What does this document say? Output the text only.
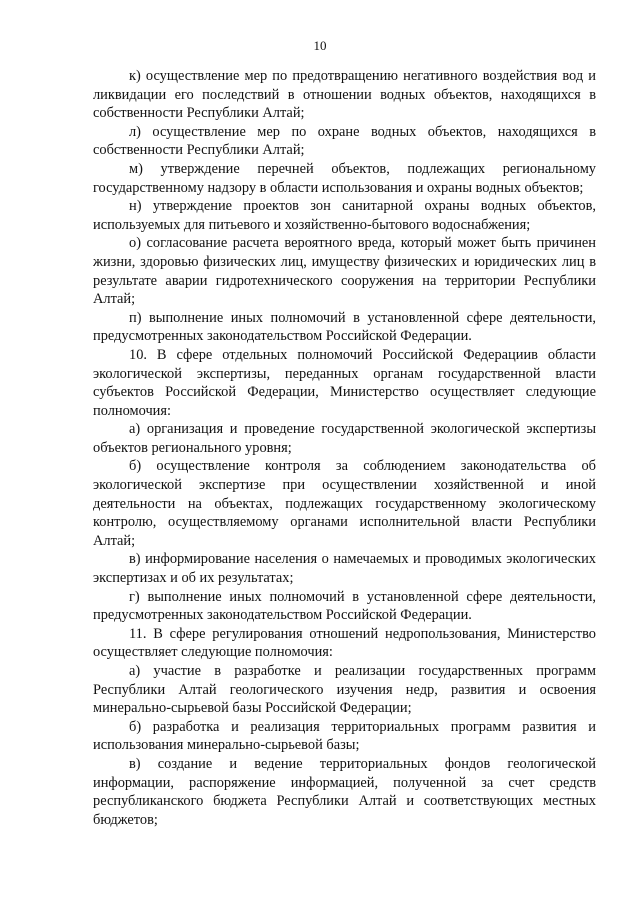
10

к) осуществление мер по предотвращению негативного воздействия вод и ликвидации его последствий в отношении водных объектов, находящихся в собственности Республики Алтай;

л) осуществление мер по охране водных объектов, находящихся в собственности Республики Алтай;

м) утверждение перечней объектов, подлежащих региональному государственному надзору в области использования и охраны водных объектов;

н) утверждение проектов зон санитарной охраны водных объектов, используемых для питьевого и хозяйственно-бытового водоснабжения;

о) согласование расчета вероятного вреда, который может быть причинен жизни, здоровью физических лиц, имуществу физических и юридических лиц в результате аварии гидротехнического сооружения на территории Республики Алтай;

п) выполнение иных полномочий в установленной сфере деятельности, предусмотренных законодательством Российской Федерации.

10. В сфере отдельных полномочий Российской Федерациив области экологической экспертизы, переданных органам государственной власти субъектов Российской Федерации, Министерство осуществляет следующие полномочия:

а) организация и проведение государственной экологической экспертизы объектов регионального уровня;

б) осуществление контроля за соблюдением законодательства об экологической экспертизе при осуществлении хозяйственной и иной деятельности на объектах, подлежащих государственному экологическому контролю, осуществляемому органами исполнительной власти Республики Алтай;

в) информирование населения о намечаемых и проводимых экологических экспертизах и об их результатах;

г) выполнение иных полномочий в установленной сфере деятельности, предусмотренных законодательством Российской Федерации.

11. В сфере регулирования отношений недропользования, Министерство осуществляет следующие полномочия:

а) участие в разработке и реализации государственных программ Республики Алтай геологического изучения недр, развития и освоения минерально-сырьевой базы Российской Федерации;

б) разработка и реализация территориальных программ развития и использования минерально-сырьевой базы;

в) создание и ведение территориальных фондов геологической информации, распоряжение информацией, полученной за счет средств республиканского бюджета Республики Алтай и соответствующих местных бюджетов;
